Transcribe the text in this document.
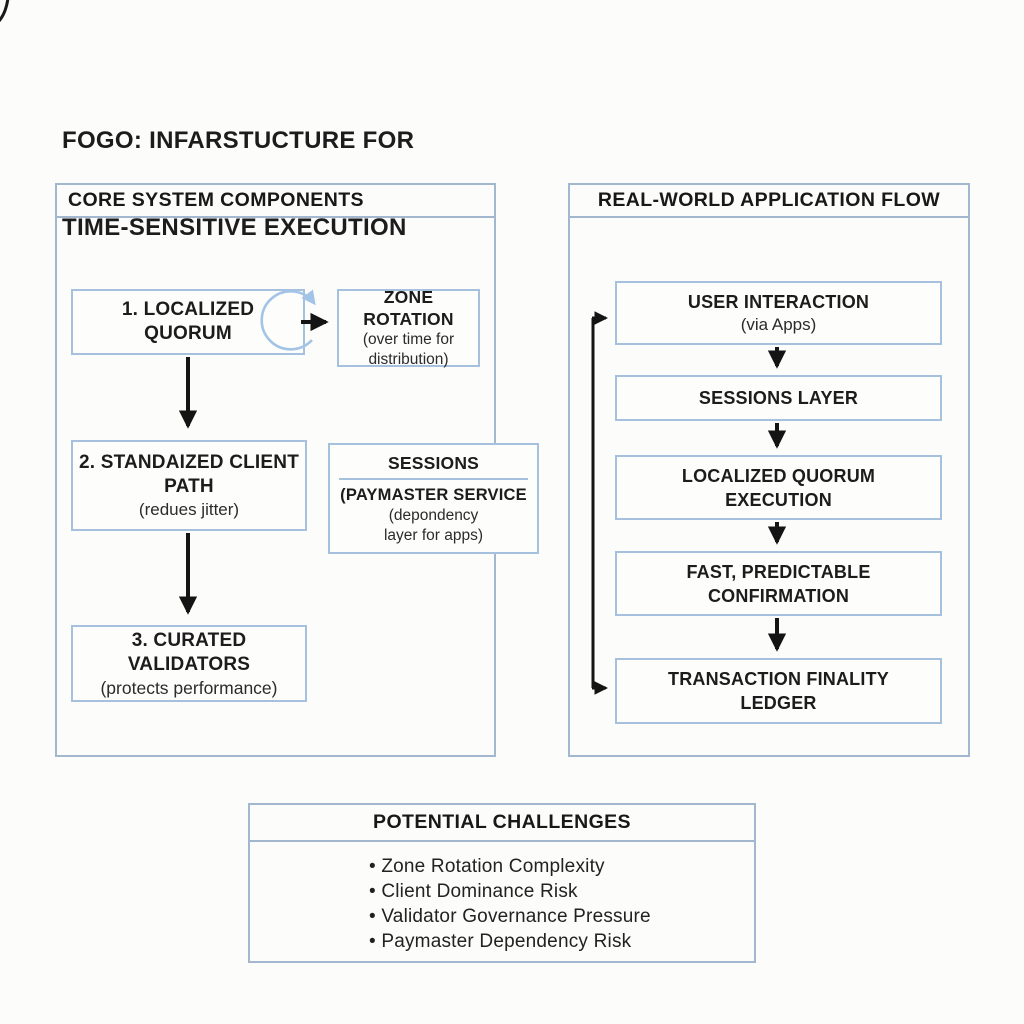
FOGO: INFARSTUCTURE FOR

TIME-SENSITIVE EXECUTION

CORE SYSTEM COMPONENTS	REAL-WORLD APPLICATION FLOW
POTENTIAL CHALLENGES
• Zone Rotation Complexity
• Client Dominance Risk
• Validator Governance Pressure
• Paymaster Dependency Risk
1. LOCALIZED
QUORUM
ZONE ROTATION
(over time for
distribution)
2. STANDAIZED CLIENT
PATH
(redues jitter)
SESSIONS
(PAYMASTER SERVICE
(depondency
layer for apps)
3. CURATED VALIDATORS
(protects performance)
USER INTERACTION
(via Apps)
SESSIONS LAYER
LOCALIZED QUORUM
EXECUTION
FAST, PREDICTABLE
CONFIRMATION
TRANSACTION FINALITY
LEDGER
